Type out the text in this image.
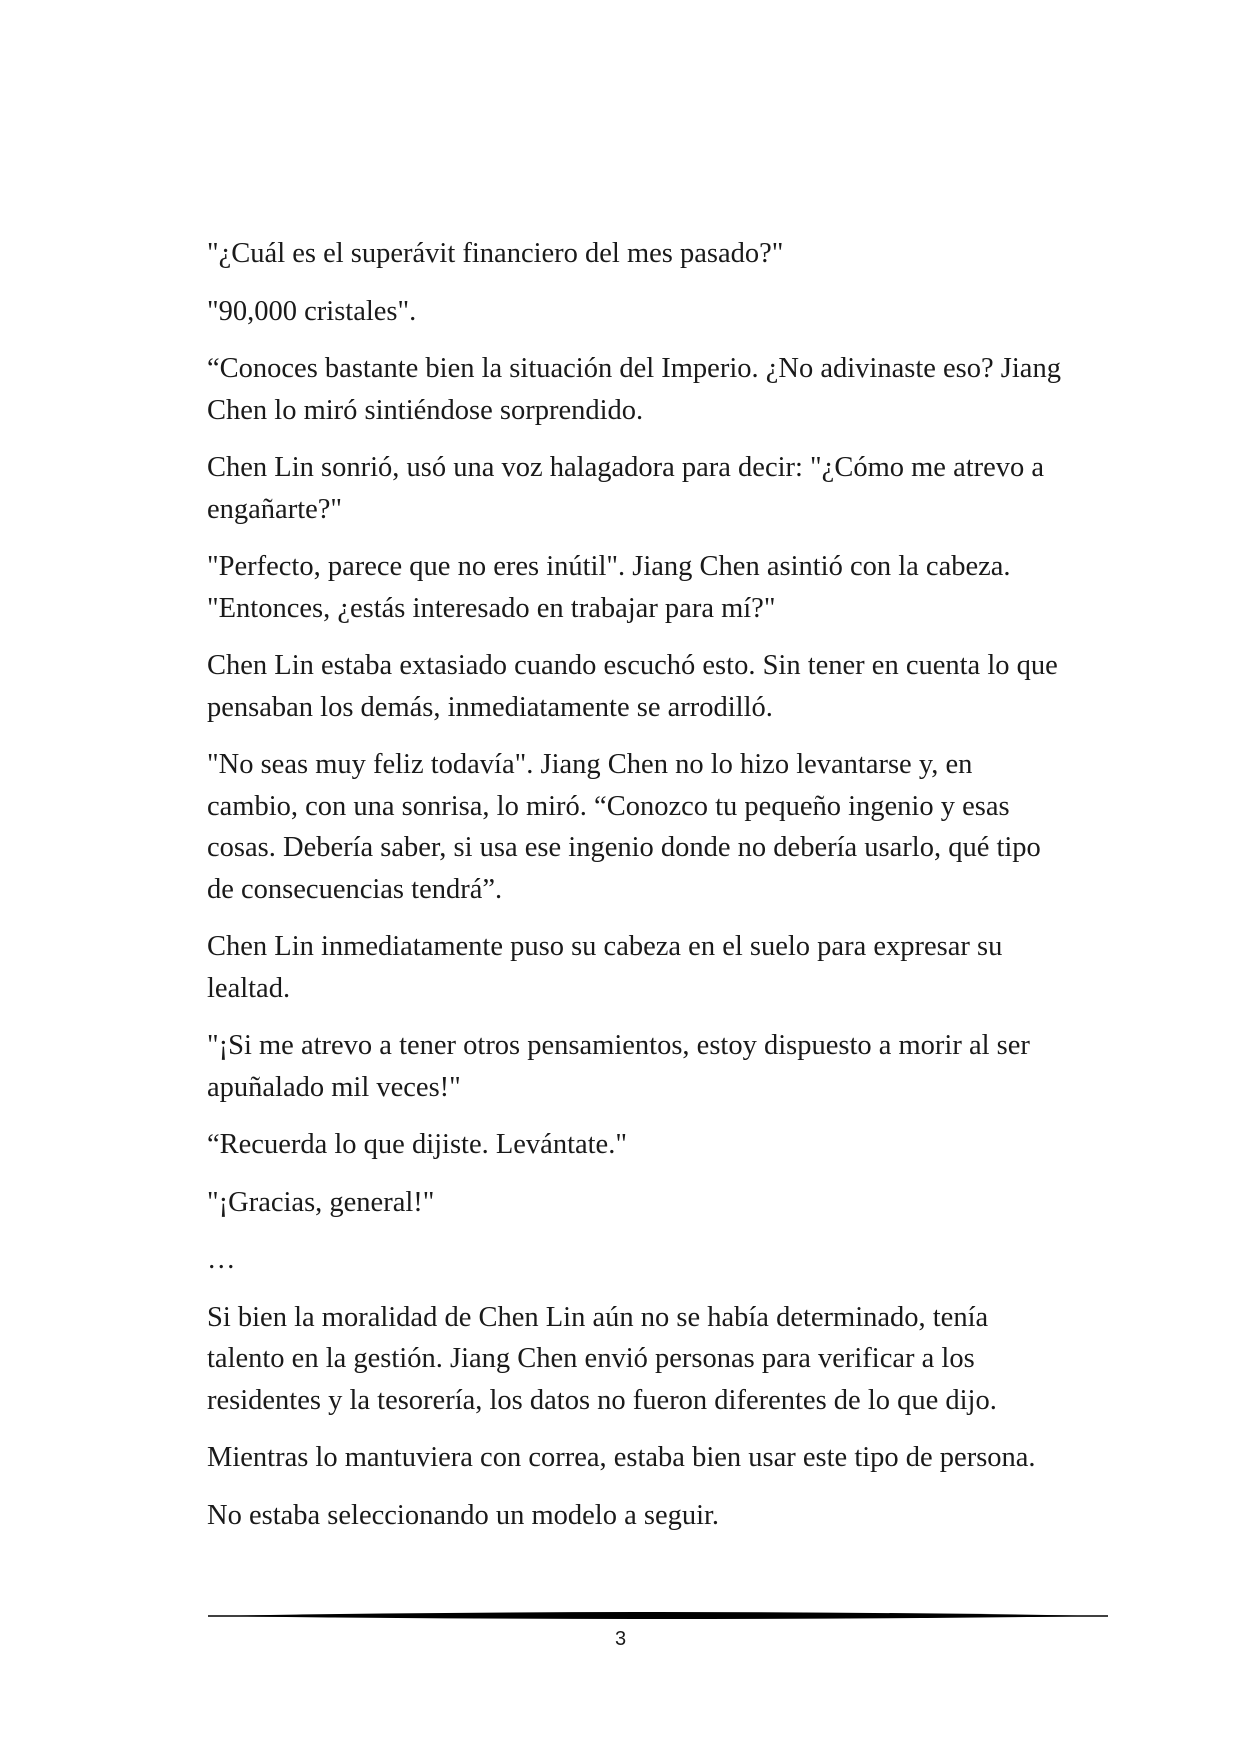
"¿Cuál es el superávit financiero del mes pasado?"

"90,000 cristales".

“Conoces bastante bien la situación del Imperio. ¿No adivinaste eso? Jiang Chen lo miró sintiéndose sorprendido.

Chen Lin sonrió, usó una voz halagadora para decir: "¿Cómo me atrevo a engañarte?"

"Perfecto, parece que no eres inútil". Jiang Chen asintió con la cabeza. "Entonces, ¿estás interesado en trabajar para mí?"

Chen Lin estaba extasiado cuando escuchó esto. Sin tener en cuenta lo que pensaban los demás, inmediatamente se arrodilló.

"No seas muy feliz todavía". Jiang Chen no lo hizo levantarse y, en cambio, con una sonrisa, lo miró. “Conozco tu pequeño ingenio y esas cosas. Debería saber, si usa ese ingenio donde no debería usarlo, qué tipo de consecuencias tendrá”.

Chen Lin inmediatamente puso su cabeza en el suelo para expresar su lealtad.

"¡Si me atrevo a tener otros pensamientos, estoy dispuesto a morir al ser apuñalado mil veces!"

“Recuerda lo que dijiste. Levántate."

"¡Gracias, general!"

…

Si bien la moralidad de Chen Lin aún no se había determinado, tenía talento en la gestión. Jiang Chen envió personas para verificar a los residentes y la tesorería, los datos no fueron diferentes de lo que dijo.

Mientras lo mantuviera con correa, estaba bien usar este tipo de persona.

No estaba seleccionando un modelo a seguir.

3
